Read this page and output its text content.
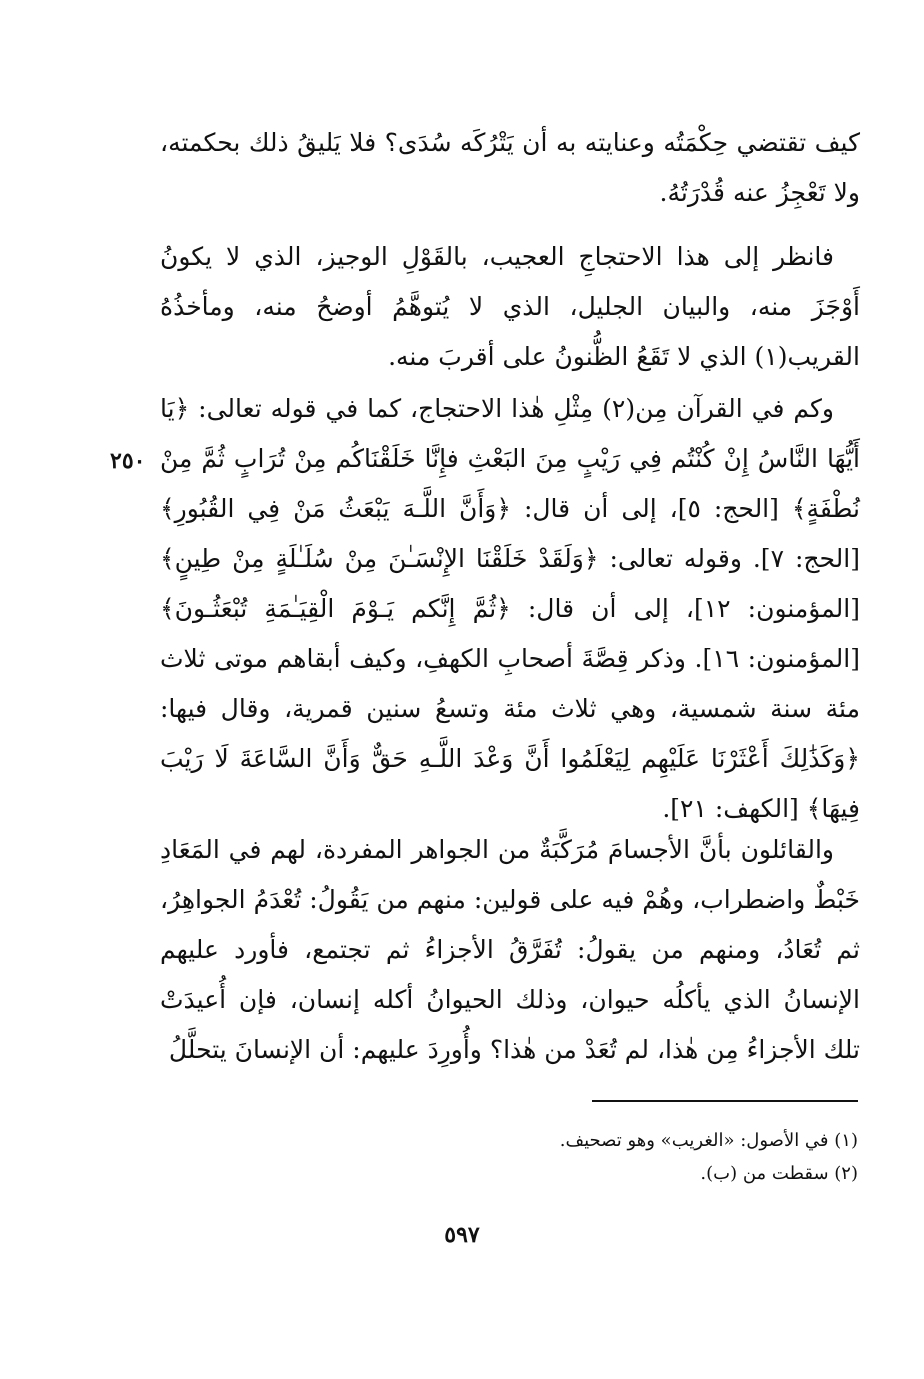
كيف تقتضي حِكْمَتُه وعنايته به أن يَتْرُكَه سُدَى؟ فلا يَليقُ ذلك بحكمته، ولا تَعْجِزُ عنه قُدْرَتُهُ.

فانظر إلى هذا الاحتجاجِ العجيب، بالقَوْلِ الوجيز، الذي لا يكونُ أَوْجَزَ منه، والبيان الجليل، الذي لا يُتوهَّمُ أوضحُ منه، ومأخذُهُ القريب(١) الذي لا تَقَعُ الظُّنونُ على أقربَ منه.

وكم في القرآن مِن(٢) مِثْلِ هٰذا الاحتجاج، كما في قوله تعالى: ﴿يَا أَيُّهَا النَّاسُ إِنْ كُنْتُم فِي رَيْبٍ مِنَ البَعْثِ فإِنَّا خَلَقْنَاكُم مِنْ تُرَابٍ ثُمَّ مِنْ نُطْفَةٍ﴾ [الحج: ٥]، إلى أن قال: ﴿وَأَنَّ اللَّـهَ يَبْعَثُ مَنْ فِي القُبُورِ﴾ [الحج: ٧]. وقوله تعالى: ﴿وَلَقَدْ خَلَقْنَا الإِنْسَـٰنَ مِنْ سُلَـٰلَةٍ مِنْ طِينٍ﴾ [المؤمنون: ١٢]، إلى أن قال: ﴿ثُمَّ إِنَّكم يَـوْمَ الْقِيَـٰمَةِ تُبْعَثُـونَ﴾ [المؤمنون: ١٦]. وذكر قِصَّةَ أصحابِ الكهفِ، وكيف أبقاهم موتى ثلاث مئة سنة شمسية، وهي ثلاث مئة وتسعُ سنين قمرية، وقال فيها: ﴿وَكَذَٰلِكَ أَعْثَرْنَا عَلَيْهِم لِيَعْلَمُوا أَنَّ وَعْدَ اللَّـهِ حَقٌّ وَأَنَّ السَّاعَةَ لَا رَيْبَ فِيهَا﴾ [الكهف: ٢١].

٢٥٠

والقائلون بأنَّ الأجسامَ مُرَكَّبَةٌ من الجواهر المفردة، لهم في المَعَادِ خَبْطٌ واضطراب، وهُمْ فيه على قولين: منهم من يَقُولُ: تُعْدَمُ الجواهِرُ، ثم تُعَادُ، ومنهم من يقولُ: تُفَرَّقُ الأجزاءُ ثم تجتمع، فأورد عليهم الإنسانُ الذي يأكلُه حيوان، وذلك الحيوانُ أكله إنسان، فإن أُعيدَتْ تلك الأجزاءُ مِن هٰذا، لم تُعَدْ من هٰذا؟ وأُورِدَ عليهم: أن الإنسانَ يتحلَّلُ

(١) في الأصول: «الغريب» وهو تصحيف.
(٢) سقطت من (ب).
٥٩٧
